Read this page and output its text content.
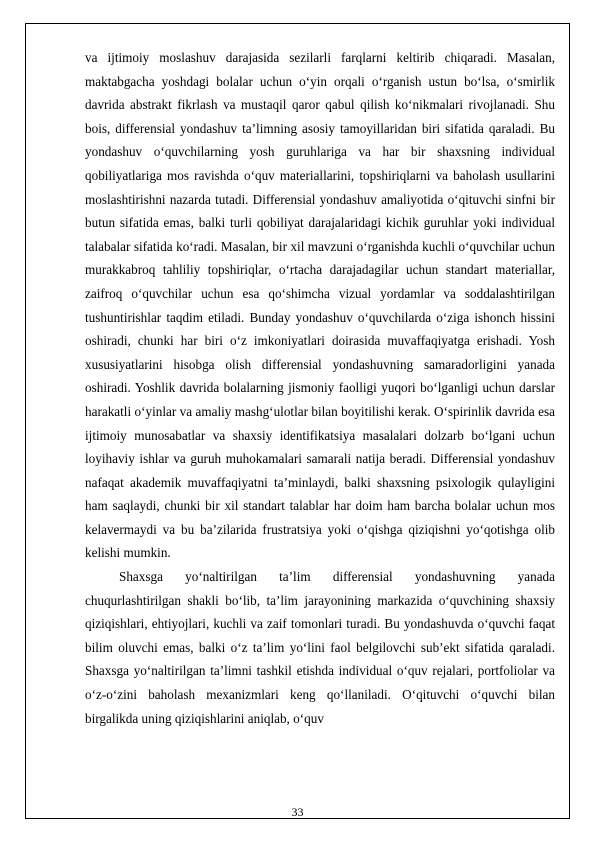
va ijtimoiy moslashuv darajasida sezilarli farqlarni keltirib chiqaradi. Masalan, maktabgacha yoshdagi bolalar uchun o‘yin orqali o‘rganish ustun bo‘lsa, o‘smirlik davrida abstrakt fikrlash va mustaqil qaror qabul qilish ko‘nikmalari rivojlanadi. Shu bois, differensial yondashuv ta’limning asosiy tamoyillaridan biri sifatida qaraladi. Bu yondashuv o‘quvchilarning yosh guruhlariga va har bir shaxsning individual qobiliyatlariga mos ravishda o‘quv materiallarini, topshiriqlarni va baholash usullarini moslashtirishni nazarda tutadi. Differensial yondashuv amaliyotida o‘qituvchi sinfni bir butun sifatida emas, balki turli qobiliyat darajalaridagi kichik guruhlar yoki individual talabalar sifatida ko‘radi. Masalan, bir xil mavzuni o‘rganishda kuchli o‘quvchilar uchun murakkabroq tahliliy topshiriqlar, o‘rtacha darajadagilar uchun standart materiallar, zaifroq o‘quvchilar uchun esa qo‘shimcha vizual yordamlar va soddalashtirilgan tushuntirishlar taqdim etiladi. Bunday yondashuv o‘quvchilarda o‘ziga ishonch hissini oshiradi, chunki har biri o‘z imkoniyatlari doirasida muvaffaqiyatga erishadi. Yosh xususiyatlarini hisobga olish differensial yondashuvning samaradorligini yanada oshiradi. Yoshlik davrida bolalarning jismoniy faolligi yuqori bo‘lganligi uchun darslar harakatli o‘yinlar va amaliy mashg‘ulotlar bilan boyitilishi kerak. O‘spirinlik davrida esa ijtimoiy munosabatlar va shaxsiy identifikatsiya masalalari dolzarb bo‘lgani uchun loyihaviy ishlar va guruh muhokamalari samarali natija beradi. Differensial yondashuv nafaqat akademik muvaffaqiyatni ta’minlaydi, balki shaxsning psixologik qulayligini ham saqlaydi, chunki bir xil standart talablar har doim ham barcha bolalar uchun mos kelavermaydi va bu ba’zilarida frustratsiya yoki o‘qishga qiziqishni yo‘qotishga olib kelishi mumkin.

Shaxsga yo‘naltirilgan ta’lim differensial yondashuvning yanada chuqurlashtirilgan shakli bo‘lib, ta’lim jarayonining markazida o‘quvchining shaxsiy qiziqishlari, ehtiyojlari, kuchli va zaif tomonlari turadi. Bu yondashuvda o‘quvchi faqat bilim oluvchi emas, balki o‘z ta’lim yo‘lini faol belgilovchi sub’ekt sifatida qaraladi. Shaxsga yo‘naltirilgan ta’limni tashkil etishda individual o‘quv rejalari, portfoliolar va o‘z-o‘zini baholash mexanizmlari keng qo‘llaniladi. O‘qituvchi o‘quvchi bilan birgalikda uning qiziqishlarini aniqlab, o‘quv

33
